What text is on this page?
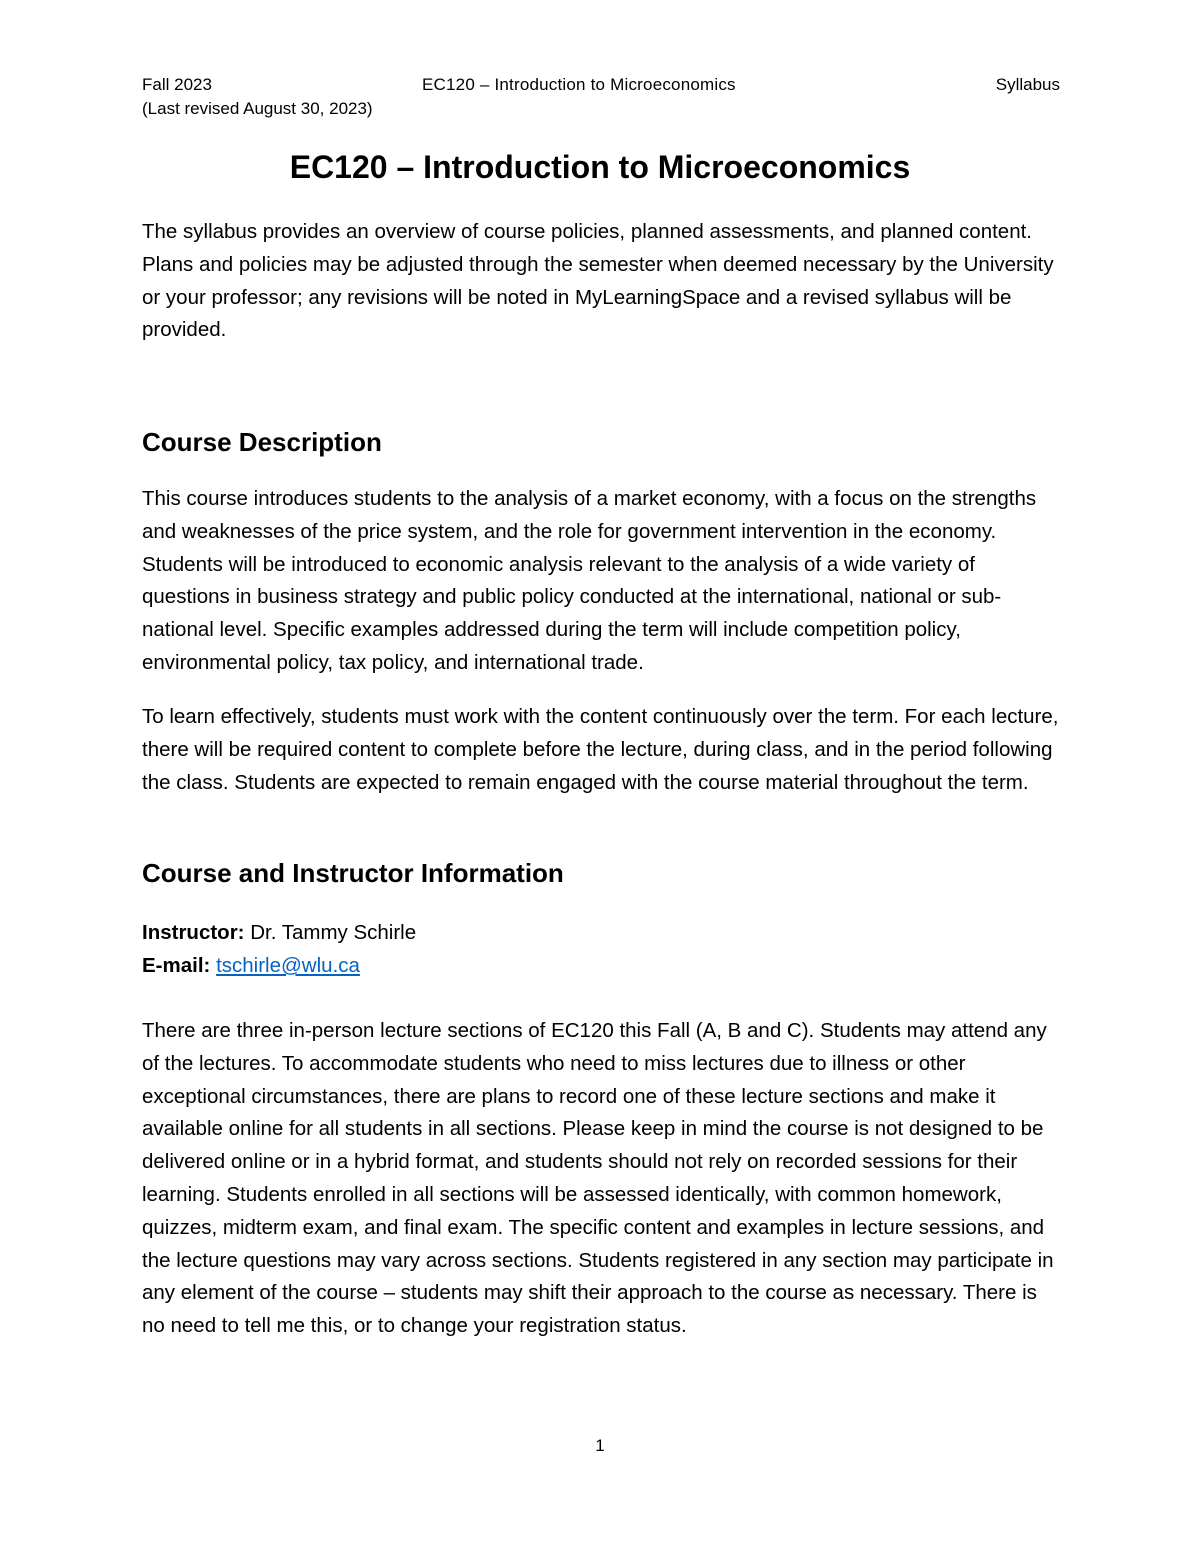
Fall 2023	EC120 – Introduction to Microeconomics	Syllabus
(Last revised August 30, 2023)
EC120 – Introduction to Microeconomics

The syllabus provides an overview of course policies, planned assessments, and planned content. Plans and policies may be adjusted through the semester when deemed necessary by the University or your professor; any revisions will be noted in MyLearningSpace and a revised syllabus will be provided.

Course Description

This course introduces students to the analysis of a market economy, with a focus on the strengths and weaknesses of the price system, and the role for government intervention in the economy. Students will be introduced to economic analysis relevant to the analysis of a wide variety of questions in business strategy and public policy conducted at the international, national or sub-national level. Specific examples addressed during the term will include competition policy, environmental policy, tax policy, and international trade.

To learn effectively, students must work with the content continuously over the term. For each lecture, there will be required content to complete before the lecture, during class, and in the period following the class. Students are expected to remain engaged with the course material throughout the term.

Course and Instructor Information
Instructor: Dr. Tammy Schirle
E-mail: tschirle@wlu.ca

There are three in-person lecture sections of EC120 this Fall (A, B and C). Students may attend any of the lectures. To accommodate students who need to miss lectures due to illness or other exceptional circumstances, there are plans to record one of these lecture sections and make it available online for all students in all sections. Please keep in mind the course is not designed to be delivered online or in a hybrid format, and students should not rely on recorded sessions for their learning. Students enrolled in all sections will be assessed identically, with common homework, quizzes, midterm exam, and final exam. The specific content and examples in lecture sessions, and the lecture questions may vary across sections. Students registered in any section may participate in any element of the course – students may shift their approach to the course as necessary. There is no need to tell me this, or to change your registration status.

1
